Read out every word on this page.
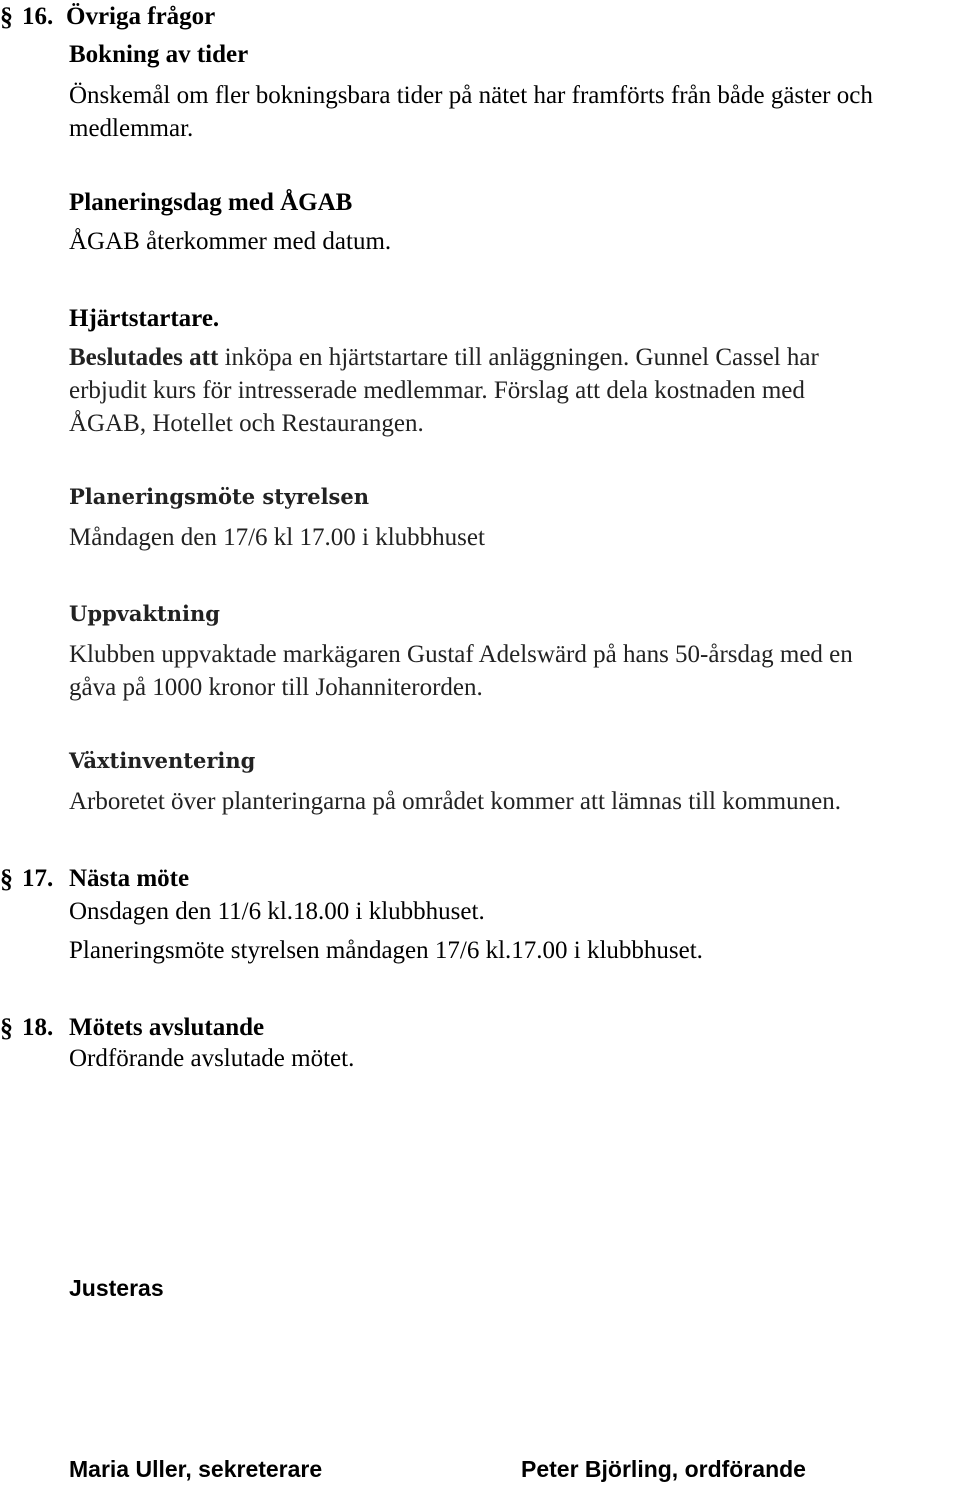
§ 16. Övriga frågor
Bokning av tider
Önskemål om fler bokningsbara tider på nätet har framförts från både gäster och
medlemmar.
Planeringsdag med ÅGAB
ÅGAB återkommer med datum.
Hjärtstartare.
Beslutades att inköpa en hjärtstartare till anläggningen. Gunnel Cassel har
erbjudit kurs för intresserade medlemmar. Förslag att dela kostnaden med
ÅGAB, Hotellet och Restaurangen.
Planeringsmöte styrelsen
Måndagen den 17/6 kl 17.00 i klubbhuset
Uppvaktning
Klubben uppvaktade markägaren Gustaf Adelswärd på hans 50-årsdag med en
gåva på 1000 kronor till Johanniterorden.
Växtinventering
Arboretet över planteringarna på området kommer att lämnas till kommunen.
§ 17. Nästa möte
Onsdagen den 11/6 kl.18.00 i klubbhuset.
Planeringsmöte styrelsen måndagen 17/6 kl.17.00 i klubbhuset.
§ 18. Mötets avslutande
Ordförande avslutade mötet.
Justeras
Maria Uller, sekreterare	Peter Björling, ordförande
